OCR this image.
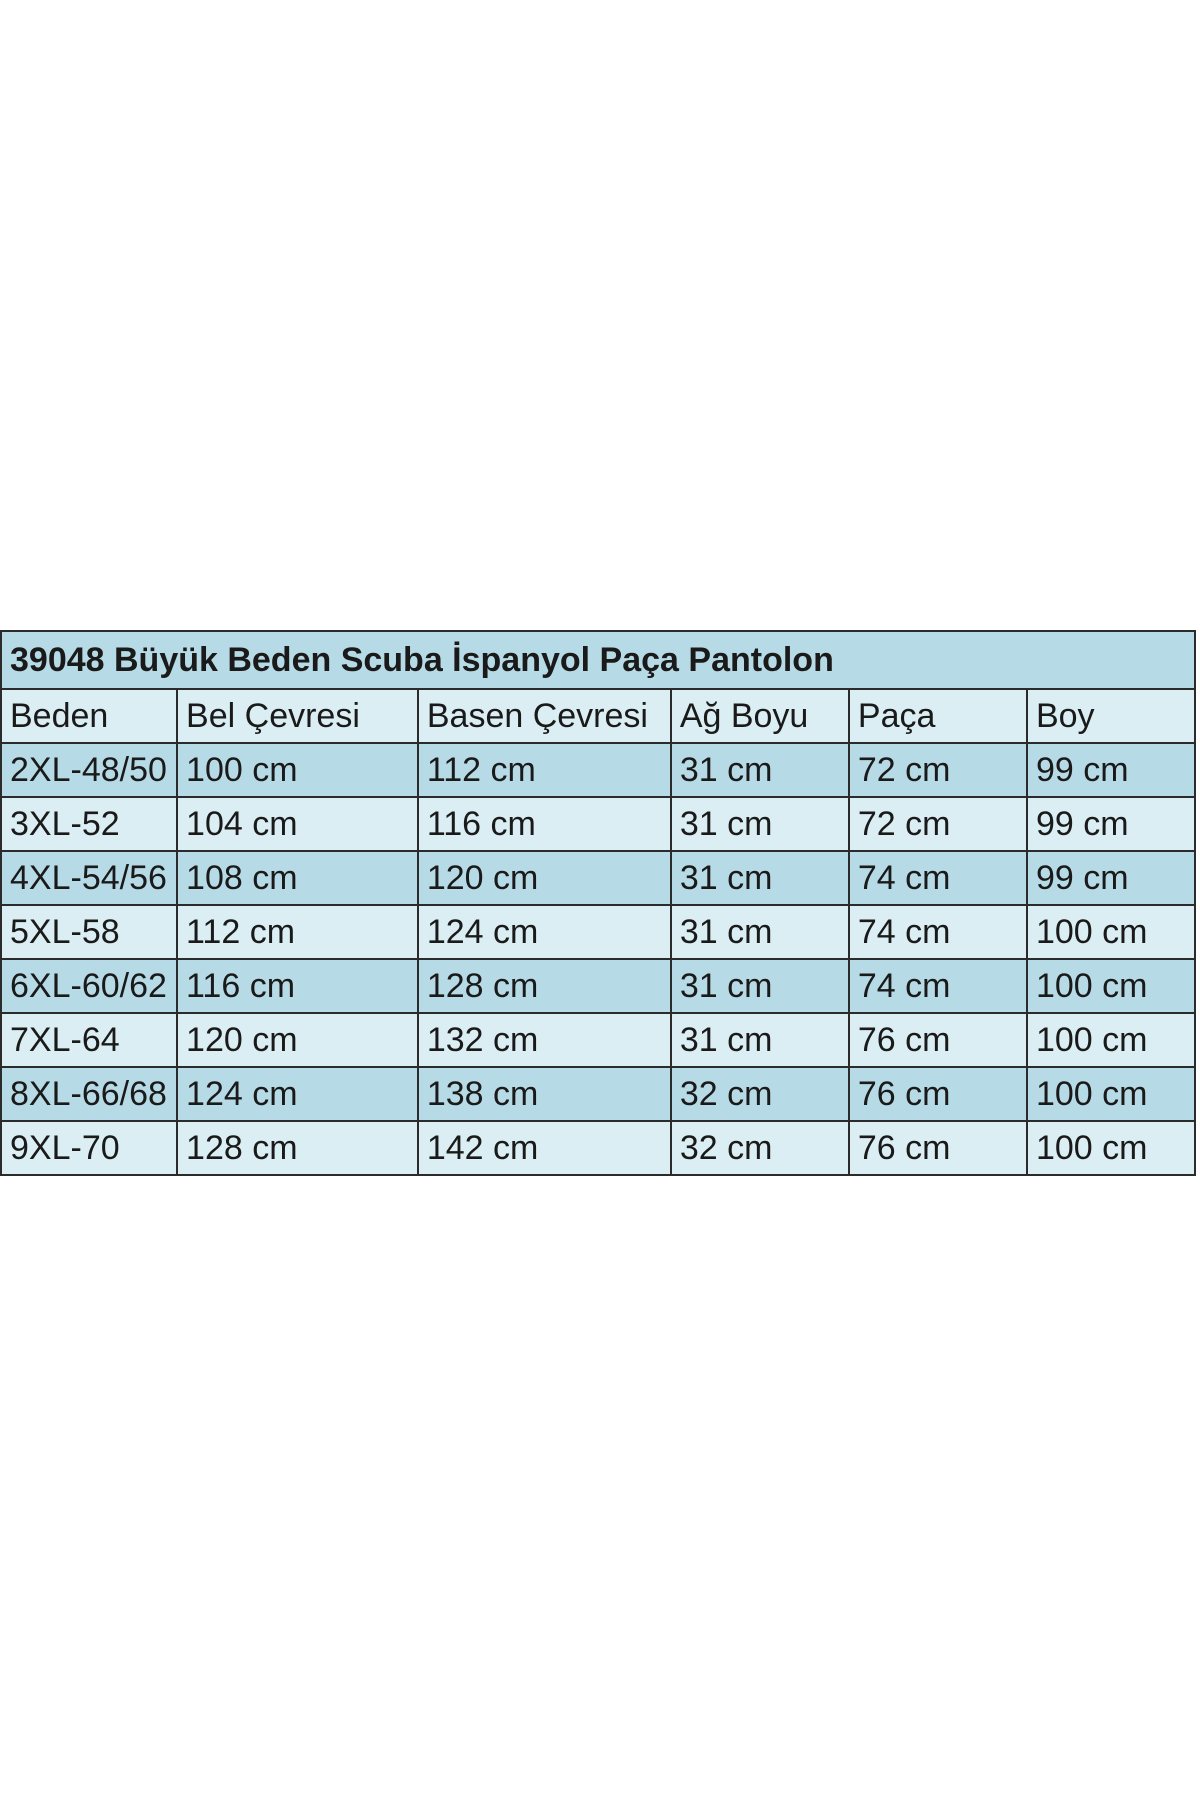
39048 Büyük Beden Scuba İspanyol Paça Pantolon					
Beden	Bel Çevresi	Basen Çevresi	Ağ Boyu	Paça	Boy
2XL-48/50	100 cm	112 cm	31 cm	72 cm	99 cm
3XL-52	104 cm	116 cm	31 cm	72 cm	99 cm
4XL-54/56	108 cm	120 cm	31 cm	74 cm	99 cm
5XL-58	112 cm	124 cm	31 cm	74 cm	100 cm
6XL-60/62	116 cm	128 cm	31 cm	74 cm	100 cm
7XL-64	120 cm	132 cm	31 cm	76 cm	100 cm
8XL-66/68	124 cm	138 cm	32 cm	76 cm	100 cm
9XL-70	128 cm	142 cm	32 cm	76 cm	100 cm
